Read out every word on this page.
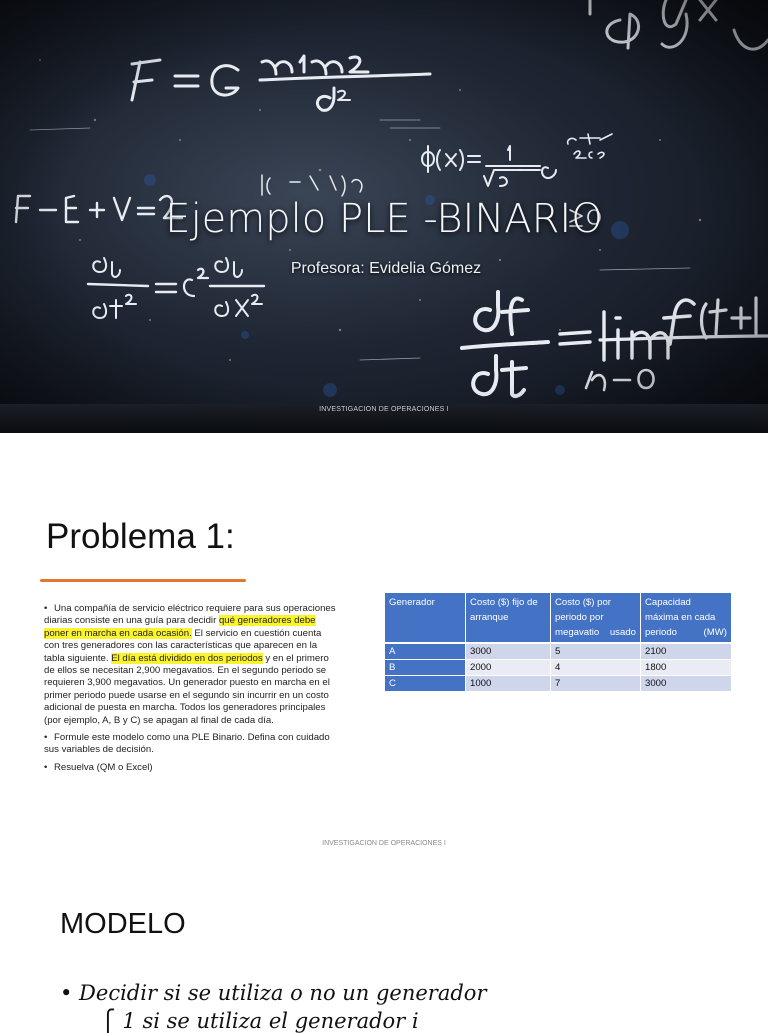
Ejemplo PLE -BINARIO

Profesora: Evidelia Gómez

INVESTIGACION DE OPERACIONES I
Problema 1:

• Una compañía de servicio eléctrico requiere para sus operaciones diarias consiste en una guía para decidir qué generadores debe poner en marcha en cada ocasión. El servicio en cuestión cuenta con tres generadores con las características que aparecen en la tabla siguiente. El día está dividido en dos periodos y en el primero de ellos se necesitan 2,900 megavatios. En el segundo periodo se requieren 3,900 megavatios. Un generador puesto en marcha en el primer periodo puede usarse en el segundo sin incurrir en un costo adicional de puesta en marcha. Todos los generadores principales (por ejemplo, A, B y C) se apagan al final de cada día.

• Formule este modelo como una PLE Binario. Defina con cuidado sus variables de decisión.

• Resuelva (QM o Excel)

Generador	Costo ($) fijo de arranque	Costo ($) por periodo por megavatio usado	Capacidad máxima en cada periodo (MW)
A	3000	5	2100
B	2000	4	1800
C	1000	7	3000
INVESTIGACION DE OPERACIONES I
MODELO

• Decidir si se utiliza o no un generador

⎧ 1 si se utiliza el generador i
